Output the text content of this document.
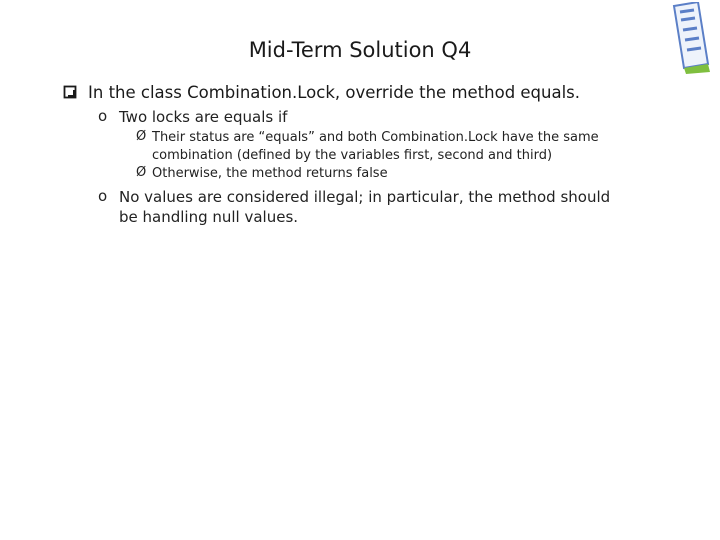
Mid-Term Solution Q4
In the class Combination.Lock, override the method equals.
o Two locks are equals if
Ø Their status are “equals” and both Combination.Lock have the same
combination (defined by the variables first, second and third)
Ø Otherwise, the method returns false
o No values are considered illegal; in particular, the method should
be handling null values.
